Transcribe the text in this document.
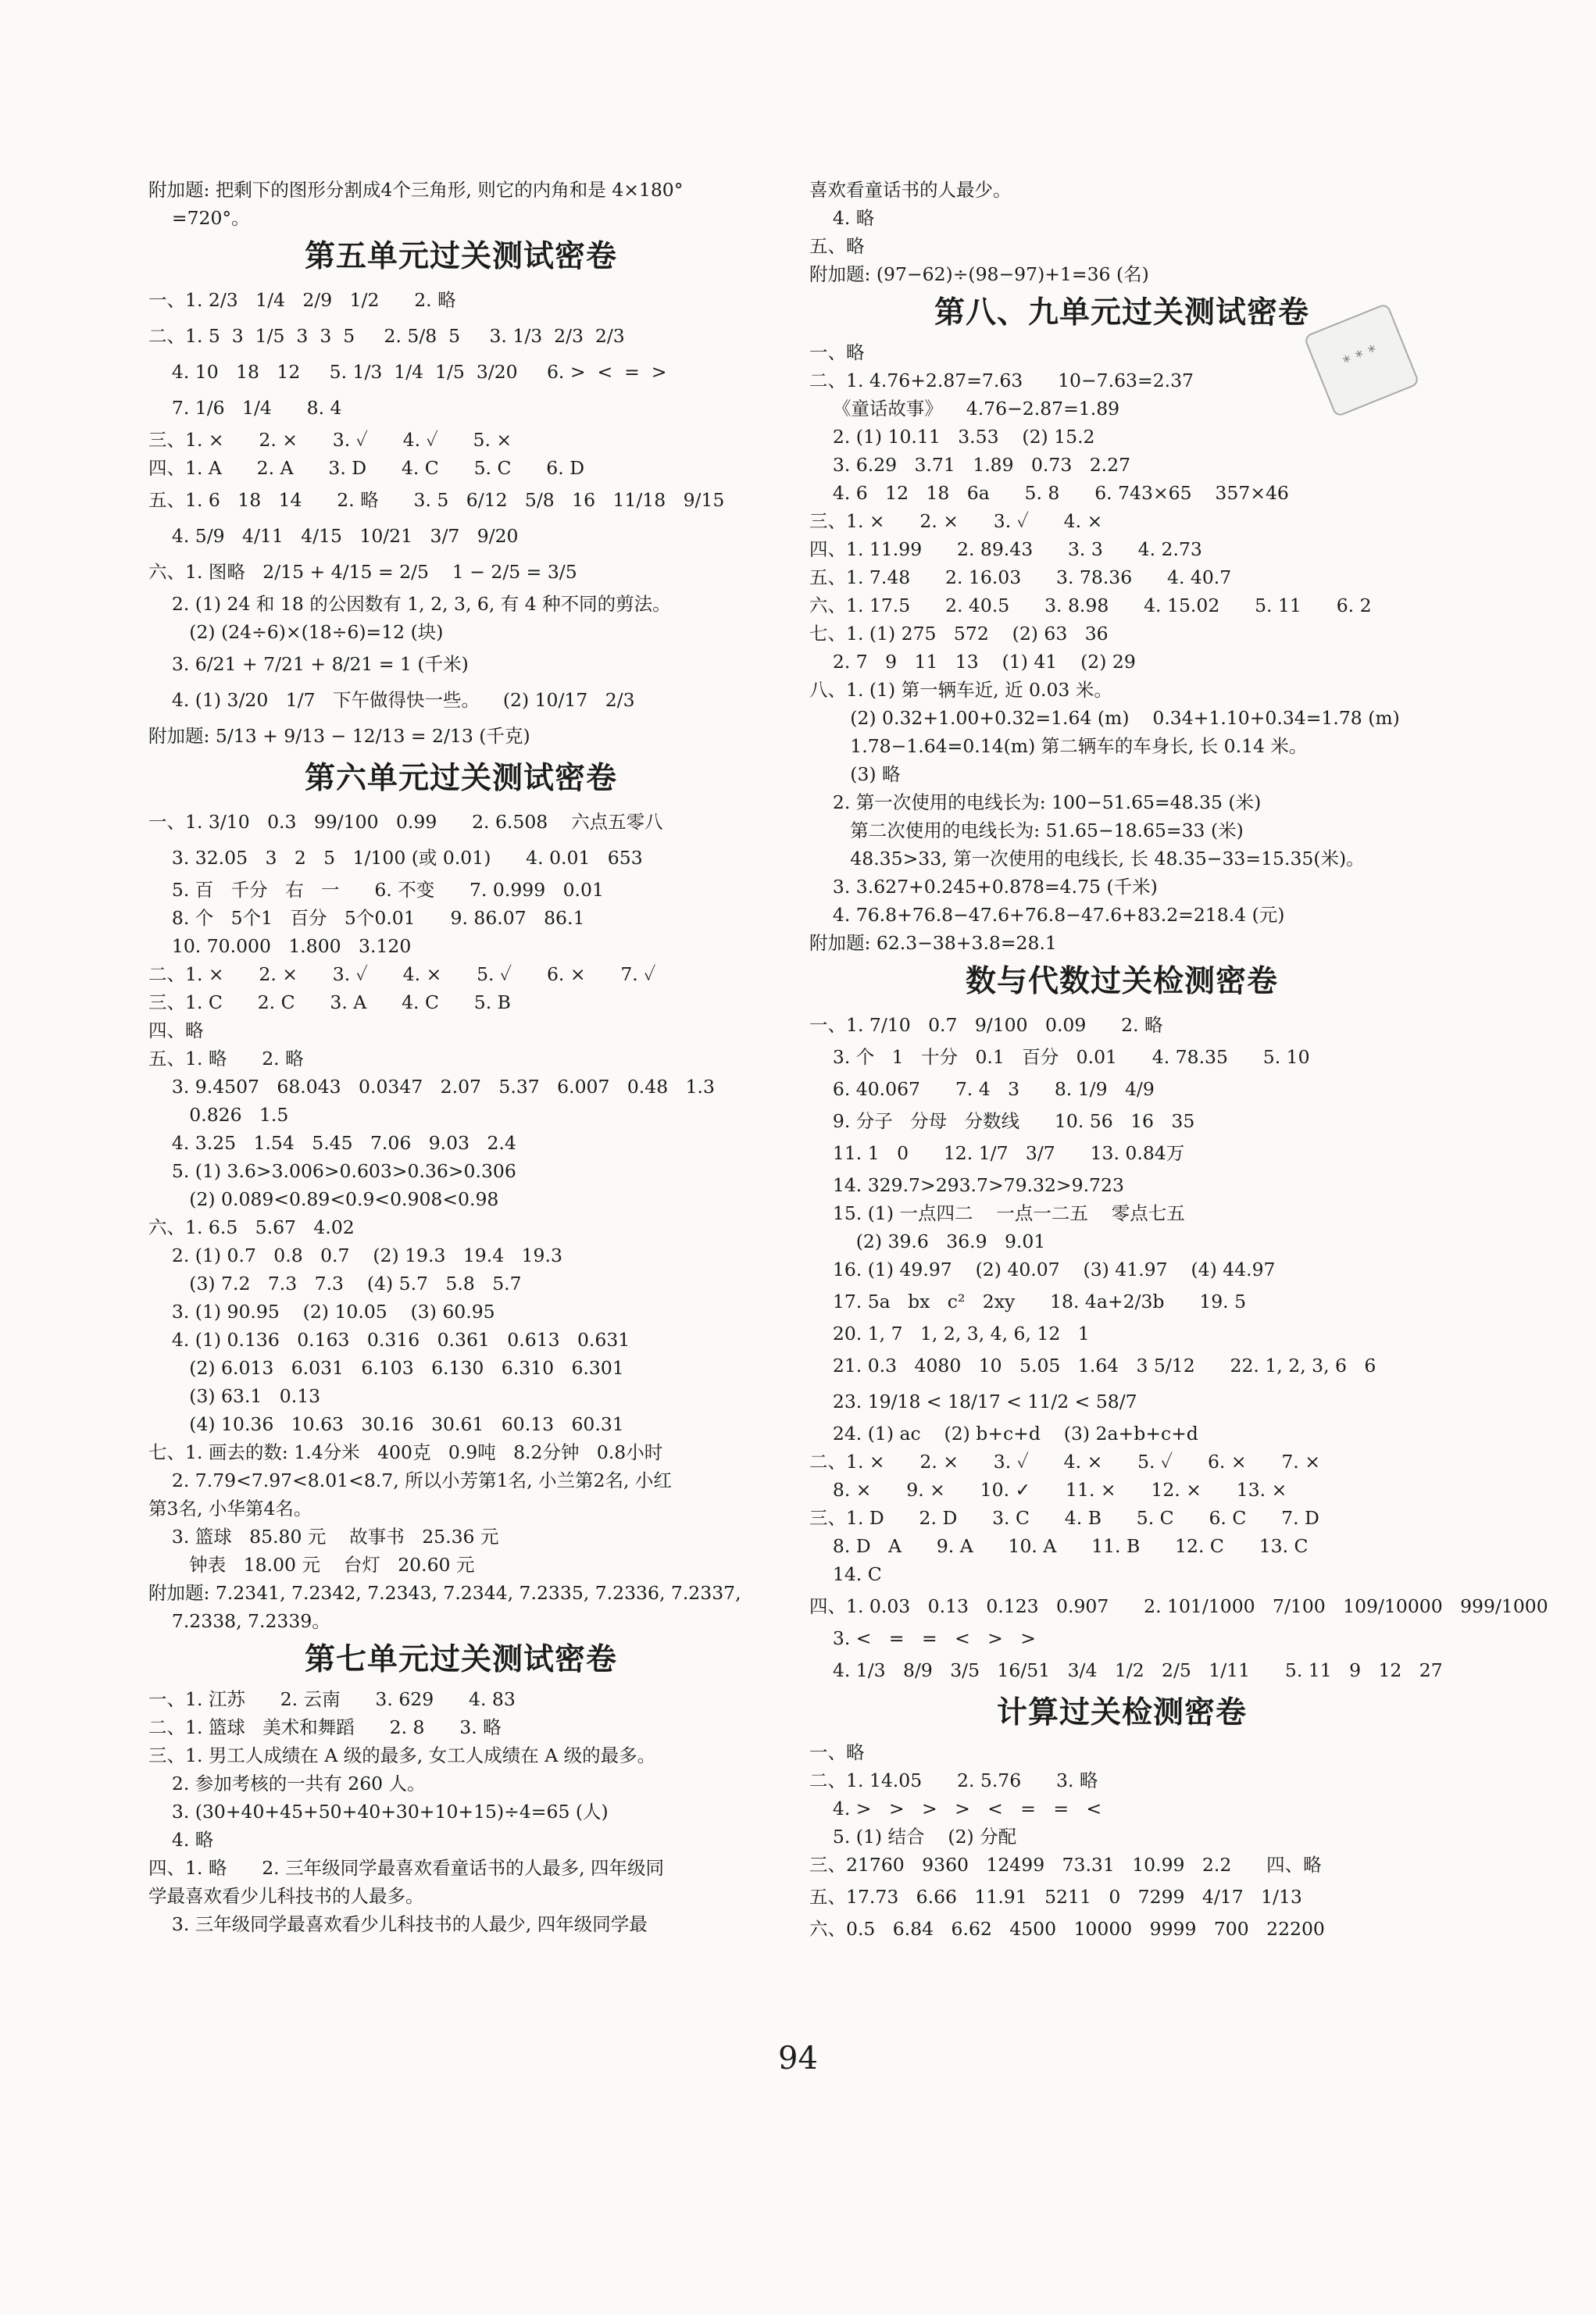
附加题: 把剩下的图形分割成4个三角形, 则它的内角和是 4×180°
=720°。
第五单元过关测试密卷
一、1. 2/3   1/4   2/9   1/2      2. 略
二、1. 5  3  1/5  3  3  5     2. 5/8  5     3. 1/3  2/3  2/3
4. 10   18   12     5. 1/3  1/4  1/5  3/20     6. >  <  =  >
7. 1/6   1/4      8. 4
三、1. ×      2. ×      3. ✓      4. ✓      5. ×
四、1. A      2. A      3. D      4. C      5. C      6. D
五、1. 6   18   14      2. 略      3. 5   6/12   5/8   16   11/18   9/15
4. 5/9   4/11   4/15   10/21   3/7   9/20
六、1. 图略   2/15 + 4/15 = 2/5    1 − 2/5 = 3/5
2. (1) 24 和 18 的公因数有 1, 2, 3, 6, 有 4 种不同的剪法。
(2) (24÷6)×(18÷6)=12 (块)
3. 6/21 + 7/21 + 8/21 = 1 (千米)
4. (1) 3/20   1/7   下午做得快一些。    (2) 10/17   2/3
附加题: 5/13 + 9/13 − 12/13 = 2/13 (千克)
第六单元过关测试密卷
一、1. 3/10   0.3   99/100   0.99      2. 6.508    六点五零八
3. 32.05   3   2   5   1/100 (或 0.01)      4. 0.01   653
5. 百   千分   右   一      6. 不变      7. 0.999   0.01
8. 个   5个1   百分   5个0.01      9. 86.07   86.1
10. 70.000   1.800   3.120
二、1. ×      2. ×      3. ✓      4. ×      5. ✓      6. ×      7. ✓
三、1. C      2. C      3. A      4. C      5. B
四、略
五、1. 略      2. 略
3. 9.4507   68.043   0.0347   2.07   5.37   6.007   0.48   1.3
0.826   1.5
4. 3.25   1.54   5.45   7.06   9.03   2.4
5. (1) 3.6>3.006>0.603>0.36>0.306
(2) 0.089<0.89<0.9<0.908<0.98
六、1. 6.5   5.67   4.02
2. (1) 0.7   0.8   0.7    (2) 19.3   19.4   19.3
(3) 7.2   7.3   7.3    (4) 5.7   5.8   5.7
3. (1) 90.95    (2) 10.05    (3) 60.95
4. (1) 0.136   0.163   0.316   0.361   0.613   0.631
(2) 6.013   6.031   6.103   6.130   6.310   6.301
(3) 63.1   0.13
(4) 10.36   10.63   30.16   30.61   60.13   60.31
七、1. 画去的数: 1.4分米   400克   0.9吨   8.2分钟   0.8小时
2. 7.79<7.97<8.01<8.7, 所以小芳第1名, 小兰第2名, 小红
第3名, 小华第4名。
3. 篮球   85.80 元    故事书   25.36 元
钟表   18.00 元    台灯   20.60 元
附加题: 7.2341, 7.2342, 7.2343, 7.2344, 7.2335, 7.2336, 7.2337,
7.2338, 7.2339。
第七单元过关测试密卷
一、1. 江苏      2. 云南      3. 629      4. 83
二、1. 篮球   美术和舞蹈      2. 8      3. 略
三、1. 男工人成绩在 A 级的最多, 女工人成绩在 A 级的最多。
2. 参加考核的一共有 260 人。
3. (30+40+45+50+40+30+10+15)÷4=65 (人)
4. 略
四、1. 略      2. 三年级同学最喜欢看童话书的人最多, 四年级同
学最喜欢看少儿科技书的人最多。
3. 三年级同学最喜欢看少儿科技书的人最少, 四年级同学最
喜欢看童话书的人最少。
4. 略
五、略
附加题: (97−62)÷(98−97)+1=36 (名)
第八、九单元过关测试密卷
一、略
二、1. 4.76+2.87=7.63      10−7.63=2.37
《童话故事》    4.76−2.87=1.89
2. (1) 10.11   3.53    (2) 15.2
3. 6.29   3.71   1.89   0.73   2.27
4. 6   12   18   6a      5. 8      6. 743×65    357×46
三、1. ×      2. ×      3. ✓      4. ×
四、1. 11.99      2. 89.43      3. 3      4. 2.73
五、1. 7.48      2. 16.03      3. 78.36      4. 40.7
六、1. 17.5      2. 40.5      3. 8.98      4. 15.02      5. 11      6. 2
七、1. (1) 275   572    (2) 63   36
2. 7   9   11   13    (1) 41    (2) 29
八、1. (1) 第一辆车近, 近 0.03 米。
(2) 0.32+1.00+0.32=1.64 (m)    0.34+1.10+0.34=1.78 (m)
1.78−1.64=0.14(m) 第二辆车的车身长, 长 0.14 米。
(3) 略
2. 第一次使用的电线长为: 100−51.65=48.35 (米)
第二次使用的电线长为: 51.65−18.65=33 (米)
48.35>33, 第一次使用的电线长, 长 48.35−33=15.35(米)。
3. 3.627+0.245+0.878=4.75 (千米)
4. 76.8+76.8−47.6+76.8−47.6+83.2=218.4 (元)
附加题: 62.3−38+3.8=28.1
数与代数过关检测密卷
一、1. 7/10   0.7   9/100   0.09      2. 略
3. 个   1   十分   0.1   百分   0.01      4. 78.35      5. 10
6. 40.067      7. 4   3      8. 1/9   4/9
9. 分子   分母   分数线      10. 56   16   35
11. 1   0      12. 1/7   3/7      13. 0.84万
14. 329.7>293.7>79.32>9.723
15. (1) 一点四二    一点一二五    零点七五
(2) 39.6   36.9   9.01
16. (1) 49.97    (2) 40.07    (3) 41.97    (4) 44.97
17. 5a   bx   c²   2xy      18. 4a+2/3b      19. 5
20. 1, 7   1, 2, 3, 4, 6, 12   1
21. 0.3   4080   10   5.05   1.64   3 5/12      22. 1, 2, 3, 6   6
23. 19/18 < 18/17 < 11/2 < 58/7
24. (1) ac    (2) b+c+d    (3) 2a+b+c+d
二、1. ×      2. ×      3. ✓      4. ×      5. ✓      6. ×      7. ×
8. ×      9. ×      10. ✓      11. ×      12. ×      13. ×
三、1. D      2. D      3. C      4. B      5. C      6. C      7. D
8. D   A      9. A      10. A      11. B      12. C      13. C
14. C
四、1. 0.03   0.13   0.123   0.907      2. 101/1000   7/100   109/10000   999/1000
3. <   =   =   <   >   >
4. 1/3   8/9   3/5   16/51   3/4   1/2   2/5   1/11      5. 11   9   12   27
计算过关检测密卷
一、略
二、1. 14.05      2. 5.76      3. 略
4. >   >   >   >   <   =   =   <
5. (1) 结合    (2) 分配
三、21760   9360   12499   73.31   10.99   2.2      四、略
五、17.73   6.66   11.91   5211   0   7299   4/17   1/13
六、0.5   6.84   6.62   4500   10000   9999   700   22200
∗ ∗ ∗
94
